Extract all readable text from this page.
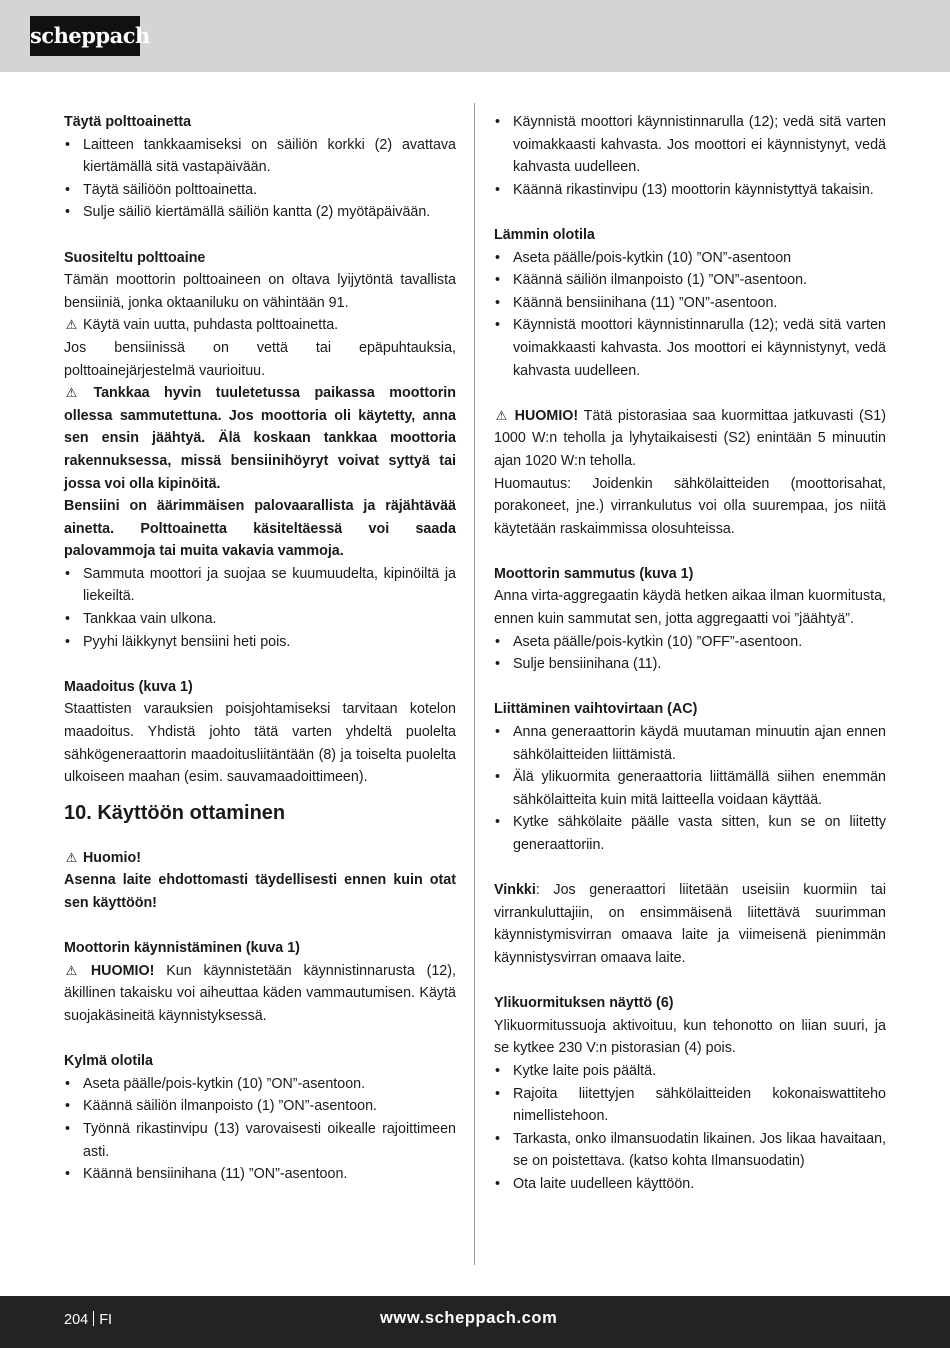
scheppach

Täytä polttoainetta

• Laitteen tankkaamiseksi on säiliön korkki (2) avattava kiertämällä sitä vastapäivään.
• Täytä säiliöön polttoainetta.
• Sulje säiliö kiertämällä säiliön kantta (2) myötäpäivään.

Suositeltu polttoaine

Tämän moottorin polttoaineen on oltava lyijytöntä tavallista bensiiniä, jonka oktaaniluku on vähintään 91.

⚠ Käytä vain uutta, puhdasta polttoainetta.

Jos bensiinissä on vettä tai epäpuhtauksia, polttoainejärjestelmä vaurioituu.

⚠ Tankkaa hyvin tuuletetussa paikassa moottorin ollessa sammutettuna. Jos moottoria oli käytetty, anna sen ensin jäähtyä. Älä koskaan tankkaa moottoria rakennuksessa, missä bensiinihöyryt voivat syttyä tai jossa voi olla kipinöitä.

Bensiini on äärimmäisen palovaarallista ja räjähtävää ainetta. Polttoainetta käsiteltäessä voi saada palovammoja tai muita vakavia vammoja.

• Sammuta moottori ja suojaa se kuumuudelta, kipinöiltä ja liekeiltä.
• Tankkaa vain ulkona.
• Pyyhi läikkynyt bensiini heti pois.

Maadoitus (kuva 1)

Staattisten varauksien poisjohtamiseksi tarvitaan kotelon maadoitus. Yhdistä johto tätä varten yhdeltä puolelta sähkögeneraattorin maadoitusliitäntään (8) ja toiselta puolelta ulkoiseen maahan (esim. sauvamaadoittimeen).

10. Käyttöön ottaminen

⚠ Huomio!

Asenna laite ehdottomasti täydellisesti ennen kuin otat sen käyttöön!

Moottorin käynnistäminen (kuva 1)

⚠ HUOMIO! Kun käynnistetään käynnistinnarusta (12), äkillinen takaisku voi aiheuttaa käden vammautumisen. Käytä suojakäsineitä käynnistyksessä.

Kylmä olotila

• Aseta päälle/pois-kytkin (10) ”ON”-asentoon.
• Käännä säiliön ilmanpoisto (1) ”ON”-asentoon.
• Työnnä rikastinvipu (13) varovaisesti oikealle rajoittimeen asti.
• Käännä bensiinihana (11) ”ON”-asentoon.
• Käynnistä moottori käynnistinnarulla (12); vedä sitä varten voimakkaasti kahvasta. Jos moottori ei käynnistynyt, vedä kahvasta uudelleen.
• Käännä rikastinvipu (13) moottorin käynnistyttyä takaisin.

Lämmin olotila

• Aseta päälle/pois-kytkin (10) ”ON”-asentoon
• Käännä säiliön ilmanpoisto (1) ”ON”-asentoon.
• Käännä bensiinihana (11) ”ON”-asentoon.
• Käynnistä moottori käynnistinnarulla (12); vedä sitä varten voimakkaasti kahvasta. Jos moottori ei käynnistynyt, vedä kahvasta uudelleen.

⚠ HUOMIO! Tätä pistorasiaa saa kuormittaa jatkuvasti (S1) 1000 W:n teholla ja lyhytaikaisesti (S2) enintään 5 minuutin ajan 1020 W:n teholla.

Huomautus: Joidenkin sähkölaitteiden (moottorisahat, porakoneet, jne.) virrankulutus voi olla suurempaa, jos niitä käytetään raskaimmissa olosuhteissa.

Moottorin sammutus (kuva 1)

Anna virta-aggregaatin käydä hetken aikaa ilman kuormitusta, ennen kuin sammutat sen, jotta aggregaatti voi ”jäähtyä”.

• Aseta päälle/pois-kytkin (10) ”OFF”-asentoon.
• Sulje bensiinihana (11).

Liittäminen vaihtovirtaan (AC)

• Anna generaattorin käydä muutaman minuutin ajan ennen sähkölaitteiden liittämistä.
• Älä ylikuormita generaattoria liittämällä siihen enemmän sähkölaitteita kuin mitä laitteella voidaan käyttää.
• Kytke sähkölaite päälle vasta sitten, kun se on liitetty generaattoriin.

Vinkki: Jos generaattori liitetään useisiin kuormiin tai virrankuluttajiin, on ensimmäisenä liitettävä suurimman käynnistymisvirran omaava laite ja viimeisenä pienimmän käynnistysvirran omaava laite.

Ylikuormituksen näyttö (6)

Ylikuormitussuoja aktivoituu, kun tehonotto on liian suuri, ja se kytkee 230 V:n pistorasian (4) pois.

• Kytke laite pois päältä.
• Rajoita liitettyjen sähkölaitteiden kokonaiswattiteho nimellistehoon.
• Tarkasta, onko ilmansuodatin likainen. Jos likaa havaitaan, se on poistettava. (katso kohta Ilmansuodatin)
• Ota laite uudelleen käyttöön.
204 FI	www.scheppach.com
